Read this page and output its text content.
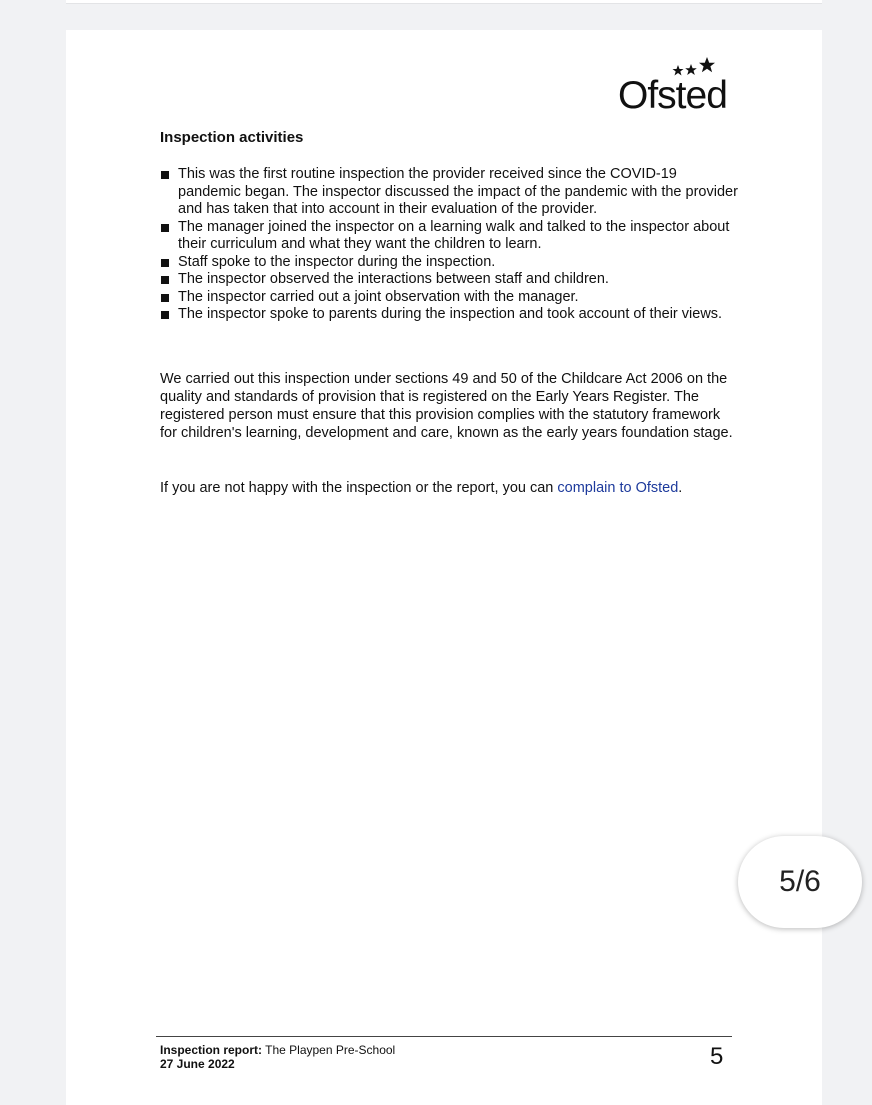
Ofsted
Inspection activities
This was the first routine inspection the provider received since the COVID-19 pandemic began. The inspector discussed the impact of the pandemic with the provider and has taken that into account in their evaluation of the provider.
The manager joined the inspector on a learning walk and talked to the inspector about their curriculum and what they want the children to learn.
Staff spoke to the inspector during the inspection.
The inspector observed the interactions between staff and children.
The inspector carried out a joint observation with the manager.
The inspector spoke to parents during the inspection and took account of their views.

We carried out this inspection under sections 49 and 50 of the Childcare Act 2006 on the quality and standards of provision that is registered on the Early Years Register. The registered person must ensure that this provision complies with the statutory framework for children's learning, development and care, known as the early years foundation stage.

If you are not happy with the inspection or the report, you can complain to Ofsted.

Inspection report: The Playpen Pre-School
27 June 2022	5
5/6
